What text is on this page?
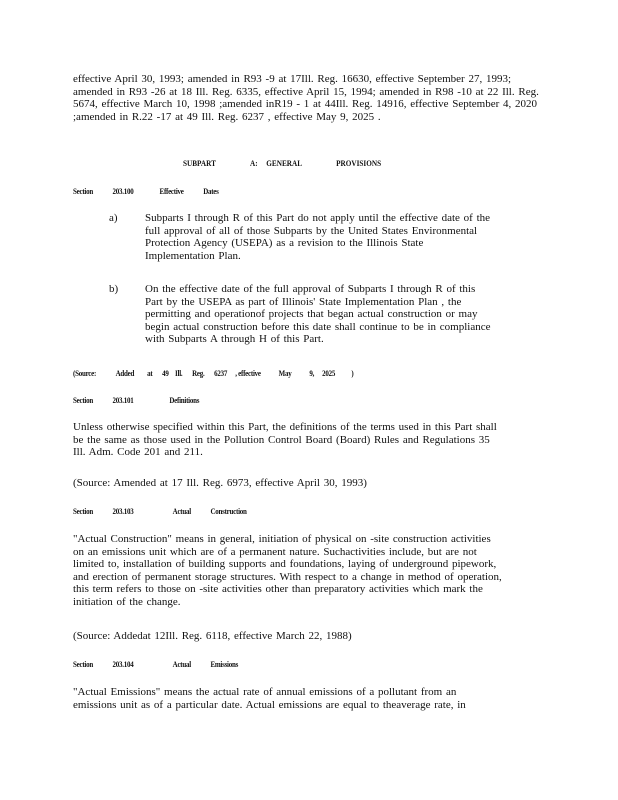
effective April 30, 1993; amended in R93 -9 at 17Ill. Reg. 16630, effective September 27, 1993; amended in R93 -26 at 18 Ill. Reg. 6335, effective April 15, 1994; amended in R98 -10 at 22 Ill. Reg. 5674, effective March 10, 1998 ;amended inR19 - 1 at 44Ill. Reg. 14916, effective September 4, 2020 ;amended in R.22 -17 at 49 Ill. Reg. 6237 , effective May 9, 2025 .

SUBPART	A: GENERAL	PROVISIONS
Section 203.100	Effective Dates
a) Subparts I through R of this Part do not apply until the effective date of the full approval of all of those Subparts by the United States Environmental Protection Agency (USEPA) as a revision to the Illinois State Implementation Plan.

b) On the effective date of the full approval of Subparts I through R of this Part by the USEPA as part of Illinois' State Implementation Plan , the permitting and operationof projects that began actual construction or may begin actual construction before this date shall continue to be in compliance with Subparts A through H of this Part.

(Source: Added at 49 Ill. Reg. 6237 , effective May 9, 2025 )
Section 203.101	Definitions

Unless otherwise specified within this Part, the definitions of the terms used in this Part shall be the same as those used in the Pollution Control Board (Board) Rules and Regulations 35 Ill. Adm. Code 201 and 211.

(Source: Amended at 17 Ill. Reg. 6973, effective April 30, 1993)

Section 203.103	Actual Construction

"Actual Construction" means in general, initiation of physical on -site construction activities on an emissions unit which are of a permanent nature. Suchactivities include, but are not limited to, installation of building supports and foundations, laying of underground pipework, and erection of permanent storage structures. With respect to a change in method of operation, this term refers to those on -site activities other than preparatory activities which mark the initiation of the change.

(Source: Addedat 12Ill. Reg. 6118, effective March 22, 1988)

Section 203.104	Actual Emissions

"Actual Emissions" means the actual rate of annual emissions of a pollutant from an emissions unit as of a particular date. Actual emissions are equal to theaverage rate, in
